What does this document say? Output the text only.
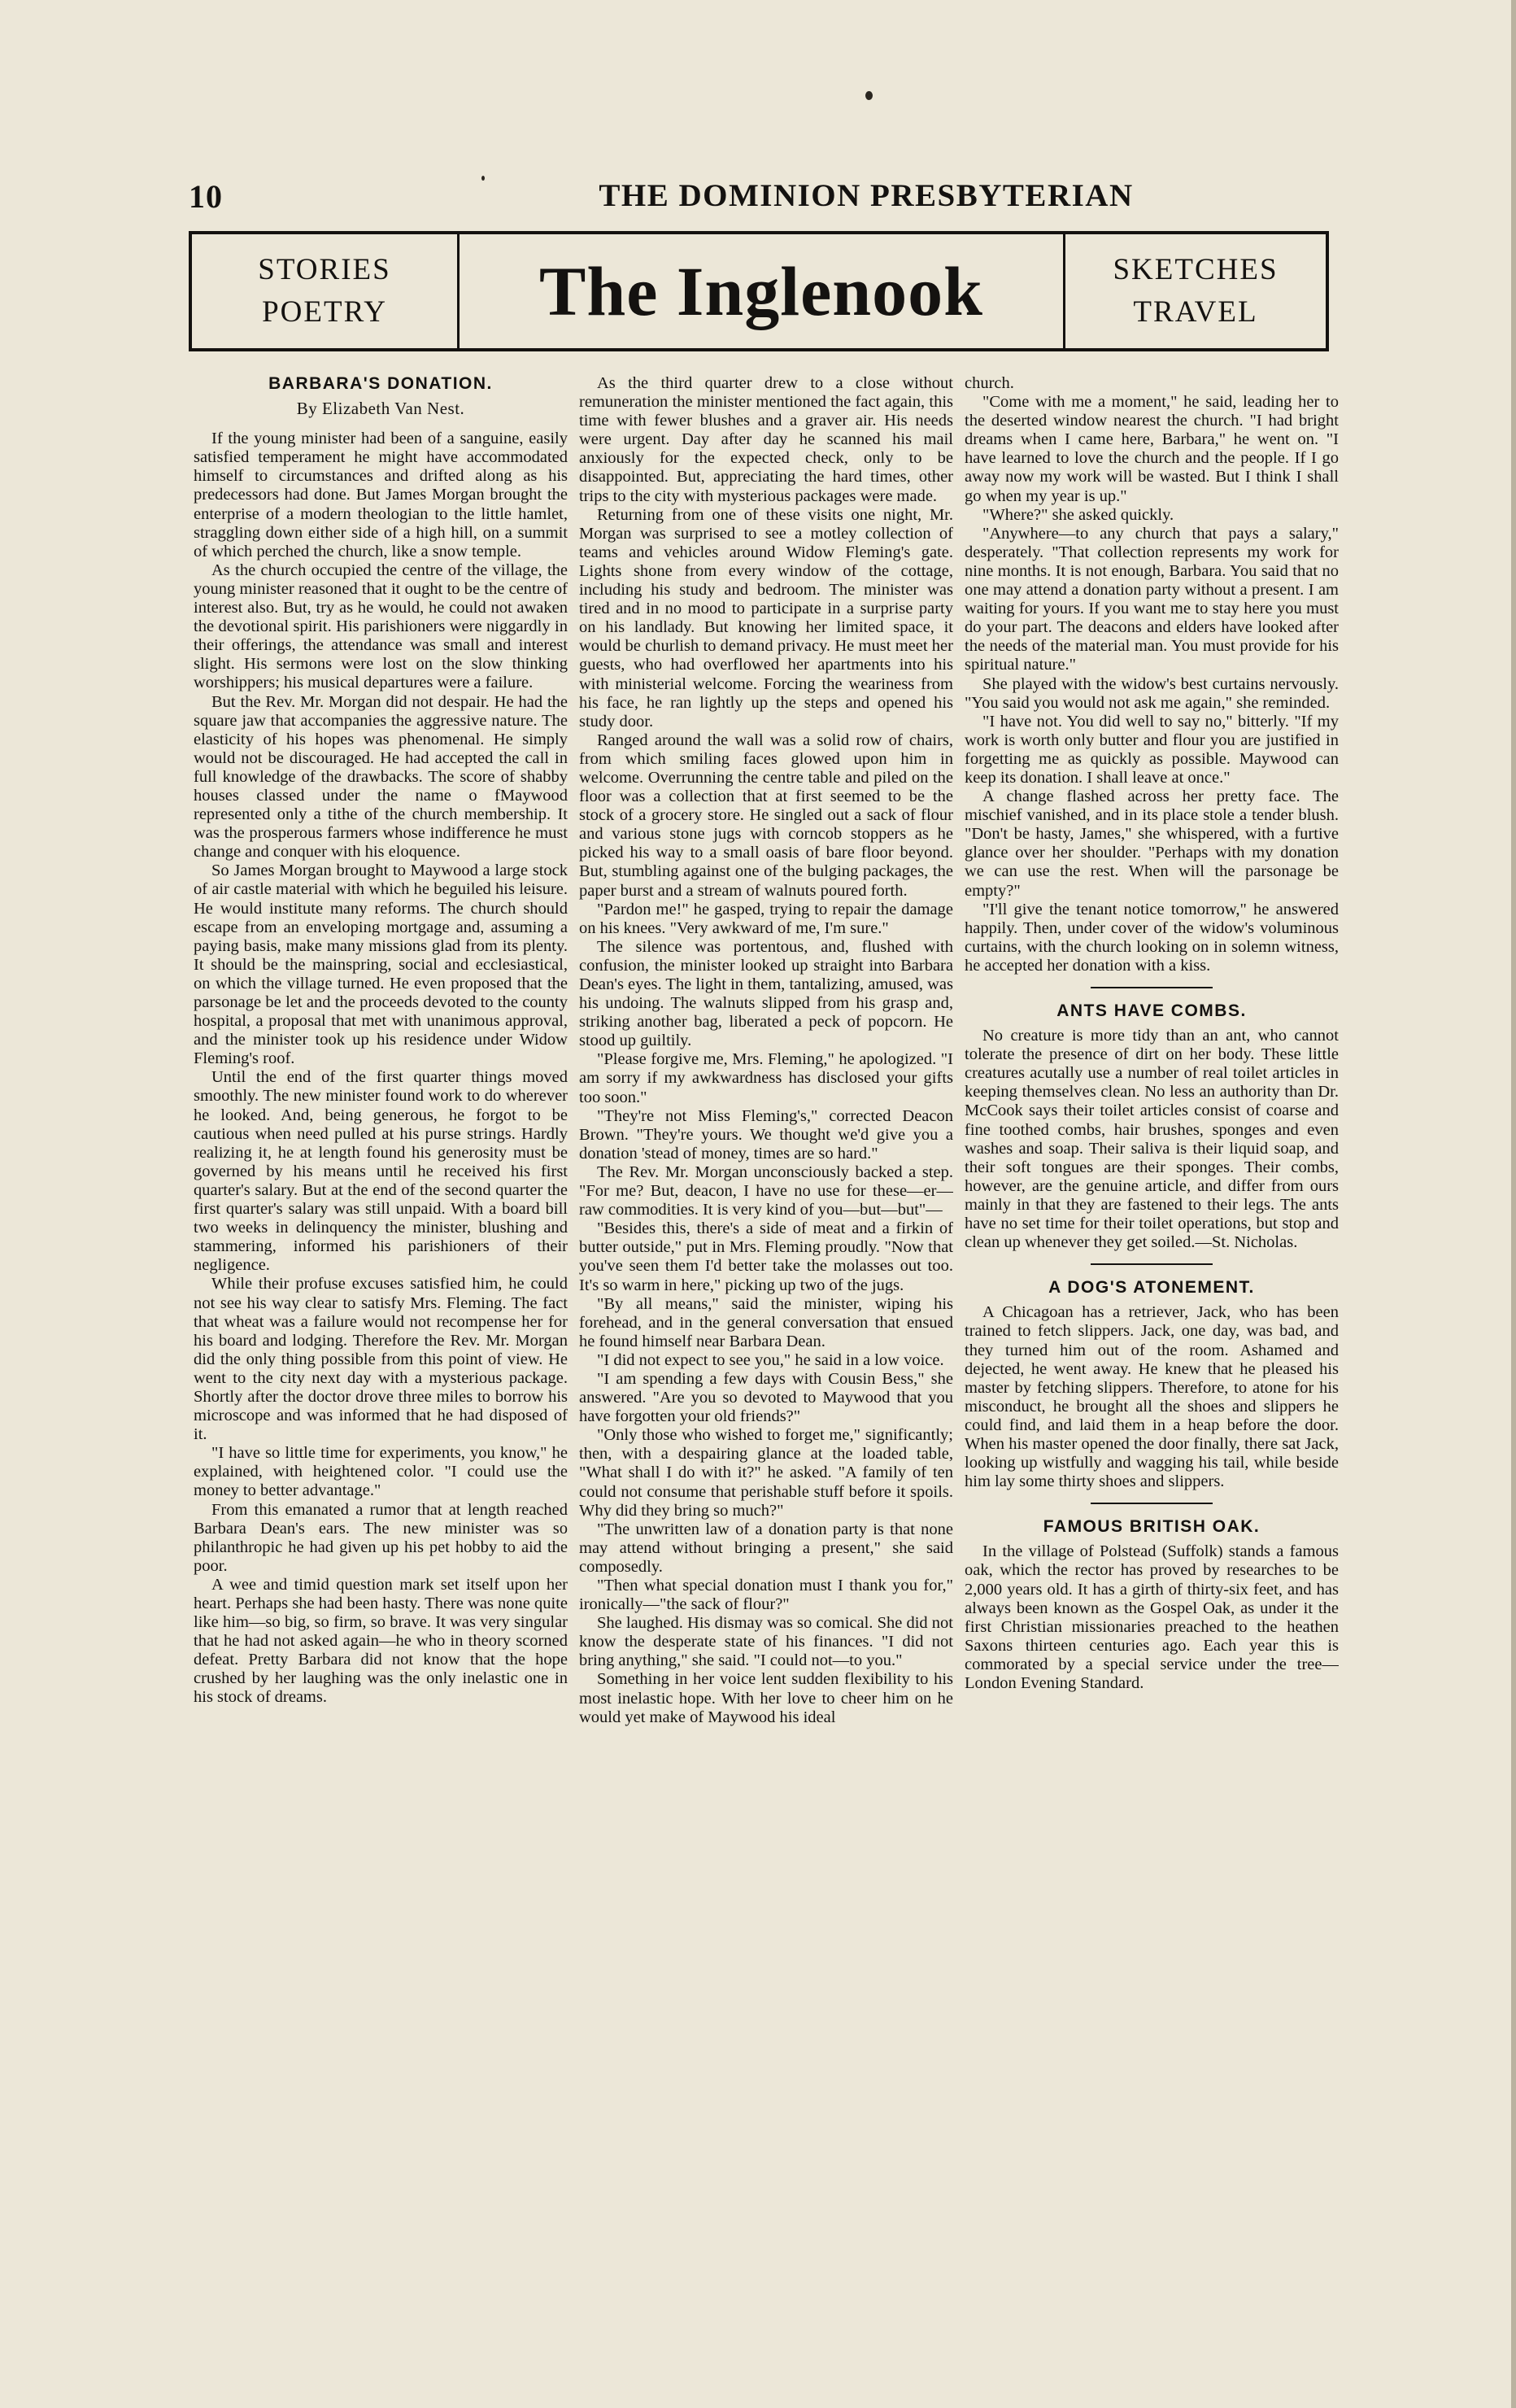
10	THE DOMINION PRESBYTERIAN
STORIES
POETRY	The Inglenook	SKETCHES
TRAVEL
BARBARA'S DONATION.
By Elizabeth Van Nest.

If the young minister had been of a sanguine, easily satisfied temperament he might have accommodated himself to circumstances and drifted along as his predecessors had done. But James Morgan brought the enterprise of a modern theologian to the little hamlet, straggling down either side of a high hill, on a summit of which perched the church, like a snow temple.

As the church occupied the centre of the village, the young minister reasoned that it ought to be the centre of interest also. But, try as he would, he could not awaken the devotional spirit. His parishioners were niggardly in their offerings, the attendance was small and interest slight. His sermons were lost on the slow thinking worshippers; his musical departures were a failure.

But the Rev. Mr. Morgan did not despair. He had the square jaw that accompanies the aggressive nature. The elasticity of his hopes was phenomenal. He simply would not be discouraged. He had accepted the call in full knowledge of the drawbacks. The score of shabby houses classed under the name o fMaywood represented only a tithe of the church membership. It was the prosperous farmers whose indifference he must change and conquer with his eloquence.

So James Morgan brought to Maywood a large stock of air castle material with which he beguiled his leisure. He would institute many reforms. The church should escape from an enveloping mortgage and, assuming a paying basis, make many missions glad from its plenty. It should be the mainspring, social and ecclesiastical, on which the village turned. He even proposed that the parsonage be let and the proceeds devoted to the county hospital, a proposal that met with unanimous approval, and the minister took up his residence under Widow Fleming's roof.

Until the end of the first quarter things moved smoothly. The new minister found work to do wherever he looked. And, being generous, he forgot to be cautious when need pulled at his purse strings. Hardly realizing it, he at length found his generosity must be governed by his means until he received his first quarter's salary. But at the end of the second quarter the first quarter's salary was still unpaid. With a board bill two weeks in delinquency the minister, blushing and stammering, informed his parishioners of their negligence.

While their profuse excuses satisfied him, he could not see his way clear to satisfy Mrs. Fleming. The fact that wheat was a failure would not recompense her for his board and lodging. Therefore the Rev. Mr. Morgan did the only thing possible from this point of view. He went to the city next day with a mysterious package. Shortly after the doctor drove three miles to borrow his microscope and was informed that he had disposed of it.

"I have so little time for experiments, you know," he explained, with heightened color. "I could use the money to better advantage."

From this emanated a rumor that at length reached Barbara Dean's ears. The new minister was so philanthropic he had given up his pet hobby to aid the poor.

A wee and timid question mark set itself upon her heart. Perhaps she had been hasty. There was none quite like him—so big, so firm, so brave. It was very singular that he had not asked again—he who in theory scorned defeat. Pretty Barbara did not know that the hope crushed by her laughing was the only inelastic one in his stock of dreams.

As the third quarter drew to a close without remuneration the minister mentioned the fact again, this time with fewer blushes and a graver air. His needs were urgent. Day after day he scanned his mail anxiously for the expected check, only to be disappointed. But, appreciating the hard times, other trips to the city with mysterious packages were made.

Returning from one of these visits one night, Mr. Morgan was surprised to see a motley collection of teams and vehicles around Widow Fleming's gate. Lights shone from every window of the cottage, including his study and bedroom. The minister was tired and in no mood to participate in a surprise party on his landlady. But knowing her limited space, it would be churlish to demand privacy. He must meet her guests, who had overflowed her apartments into his with ministerial welcome. Forcing the weariness from his face, he ran lightly up the steps and opened his study door.

Ranged around the wall was a solid row of chairs, from which smiling faces glowed upon him in welcome. Overrunning the centre table and piled on the floor was a collection that at first seemed to be the stock of a grocery store. He singled out a sack of flour and various stone jugs with corncob stoppers as he picked his way to a small oasis of bare floor beyond. But, stumbling against one of the bulging packages, the paper burst and a stream of walnuts poured forth.

"Pardon me!" he gasped, trying to repair the damage on his knees. "Very awkward of me, I'm sure."

The silence was portentous, and, flushed with confusion, the minister looked up straight into Barbara Dean's eyes. The light in them, tantalizing, amused, was his undoing. The walnuts slipped from his grasp and, striking another bag, liberated a peck of popcorn. He stood up guiltily.

"Please forgive me, Mrs. Fleming," he apologized. "I am sorry if my awkwardness has disclosed your gifts too soon."

"They're not Miss Fleming's," corrected Deacon Brown. "They're yours. We thought we'd give you a donation 'stead of money, times are so hard."

The Rev. Mr. Morgan unconsciously backed a step. "For me? But, deacon, I have no use for these—er—raw commodities. It is very kind of you—but—but"—

"Besides this, there's a side of meat and a firkin of butter outside," put in Mrs. Fleming proudly. "Now that you've seen them I'd better take the molasses out too. It's so warm in here," picking up two of the jugs.

"By all means," said the minister, wiping his forehead, and in the general conversation that ensued he found himself near Barbara Dean.

"I did not expect to see you," he said in a low voice.

"I am spending a few days with Cousin Bess," she answered. "Are you so devoted to Maywood that you have forgotten your old friends?"

"Only those who wished to forget me," significantly; then, with a despairing glance at the loaded table, "What shall I do with it?" he asked. "A family of ten could not consume that perishable stuff before it spoils. Why did they bring so much?"

"The unwritten law of a donation party is that none may attend without bringing a present," she said composedly.

"Then what special donation must I thank you for," ironically—"the sack of flour?"

She laughed. His dismay was so comical. She did not know the desperate state of his finances. "I did not bring anything," she said. "I could not—to you."

Something in her voice lent sudden flexibility to his most inelastic hope. With her love to cheer him on he would yet make of Maywood his ideal

church.

"Come with me a moment," he said, leading her to the deserted window nearest the church. "I had bright dreams when I came here, Barbara," he went on. "I have learned to love the church and the people. If I go away now my work will be wasted. But I think I shall go when my year is up."

"Where?" she asked quickly.

"Anywhere—to any church that pays a salary," desperately. "That collection represents my work for nine months. It is not enough, Barbara. You said that no one may attend a donation party without a present. I am waiting for yours. If you want me to stay here you must do your part. The deacons and elders have looked after the needs of the material man. You must provide for his spiritual nature."

She played with the widow's best curtains nervously. "You said you would not ask me again," she reminded.

"I have not. You did well to say no," bitterly. "If my work is worth only butter and flour you are justified in forgetting me as quickly as possible. Maywood can keep its donation. I shall leave at once."

A change flashed across her pretty face. The mischief vanished, and in its place stole a tender blush. "Don't be hasty, James," she whispered, with a furtive glance over her shoulder. "Perhaps with my donation we can use the rest. When will the parsonage be empty?"

"I'll give the tenant notice tomorrow," he answered happily. Then, under cover of the widow's voluminous curtains, with the church looking on in solemn witness, he accepted her donation with a kiss.

ANTS HAVE COMBS.

No creature is more tidy than an ant, who cannot tolerate the presence of dirt on her body. These little creatures acutally use a number of real toilet articles in keeping themselves clean. No less an authority than Dr. McCook says their toilet articles consist of coarse and fine toothed combs, hair brushes, sponges and even washes and soap. Their saliva is their liquid soap, and their soft tongues are their sponges. Their combs, however, are the genuine article, and differ from ours mainly in that they are fastened to their legs. The ants have no set time for their toilet operations, but stop and clean up whenever they get soiled.—St. Nicholas.

A DOG'S ATONEMENT.

A Chicagoan has a retriever, Jack, who has been trained to fetch slippers. Jack, one day, was bad, and they turned him out of the room. Ashamed and dejected, he went away. He knew that he pleased his master by fetching slippers. Therefore, to atone for his misconduct, he brought all the shoes and slippers he could find, and laid them in a heap before the door. When his master opened the door finally, there sat Jack, looking up wistfully and wagging his tail, while beside him lay some thirty shoes and slippers.

FAMOUS BRITISH OAK.

In the village of Polstead (Suffolk) stands a famous oak, which the rector has proved by researches to be 2,000 years old. It has a girth of thirty-six feet, and has always been known as the Gospel Oak, as under it the first Christian missionaries preached to the heathen Saxons thirteen centuries ago. Each year this is commorated by a special service under the tree—London Evening Standard.
